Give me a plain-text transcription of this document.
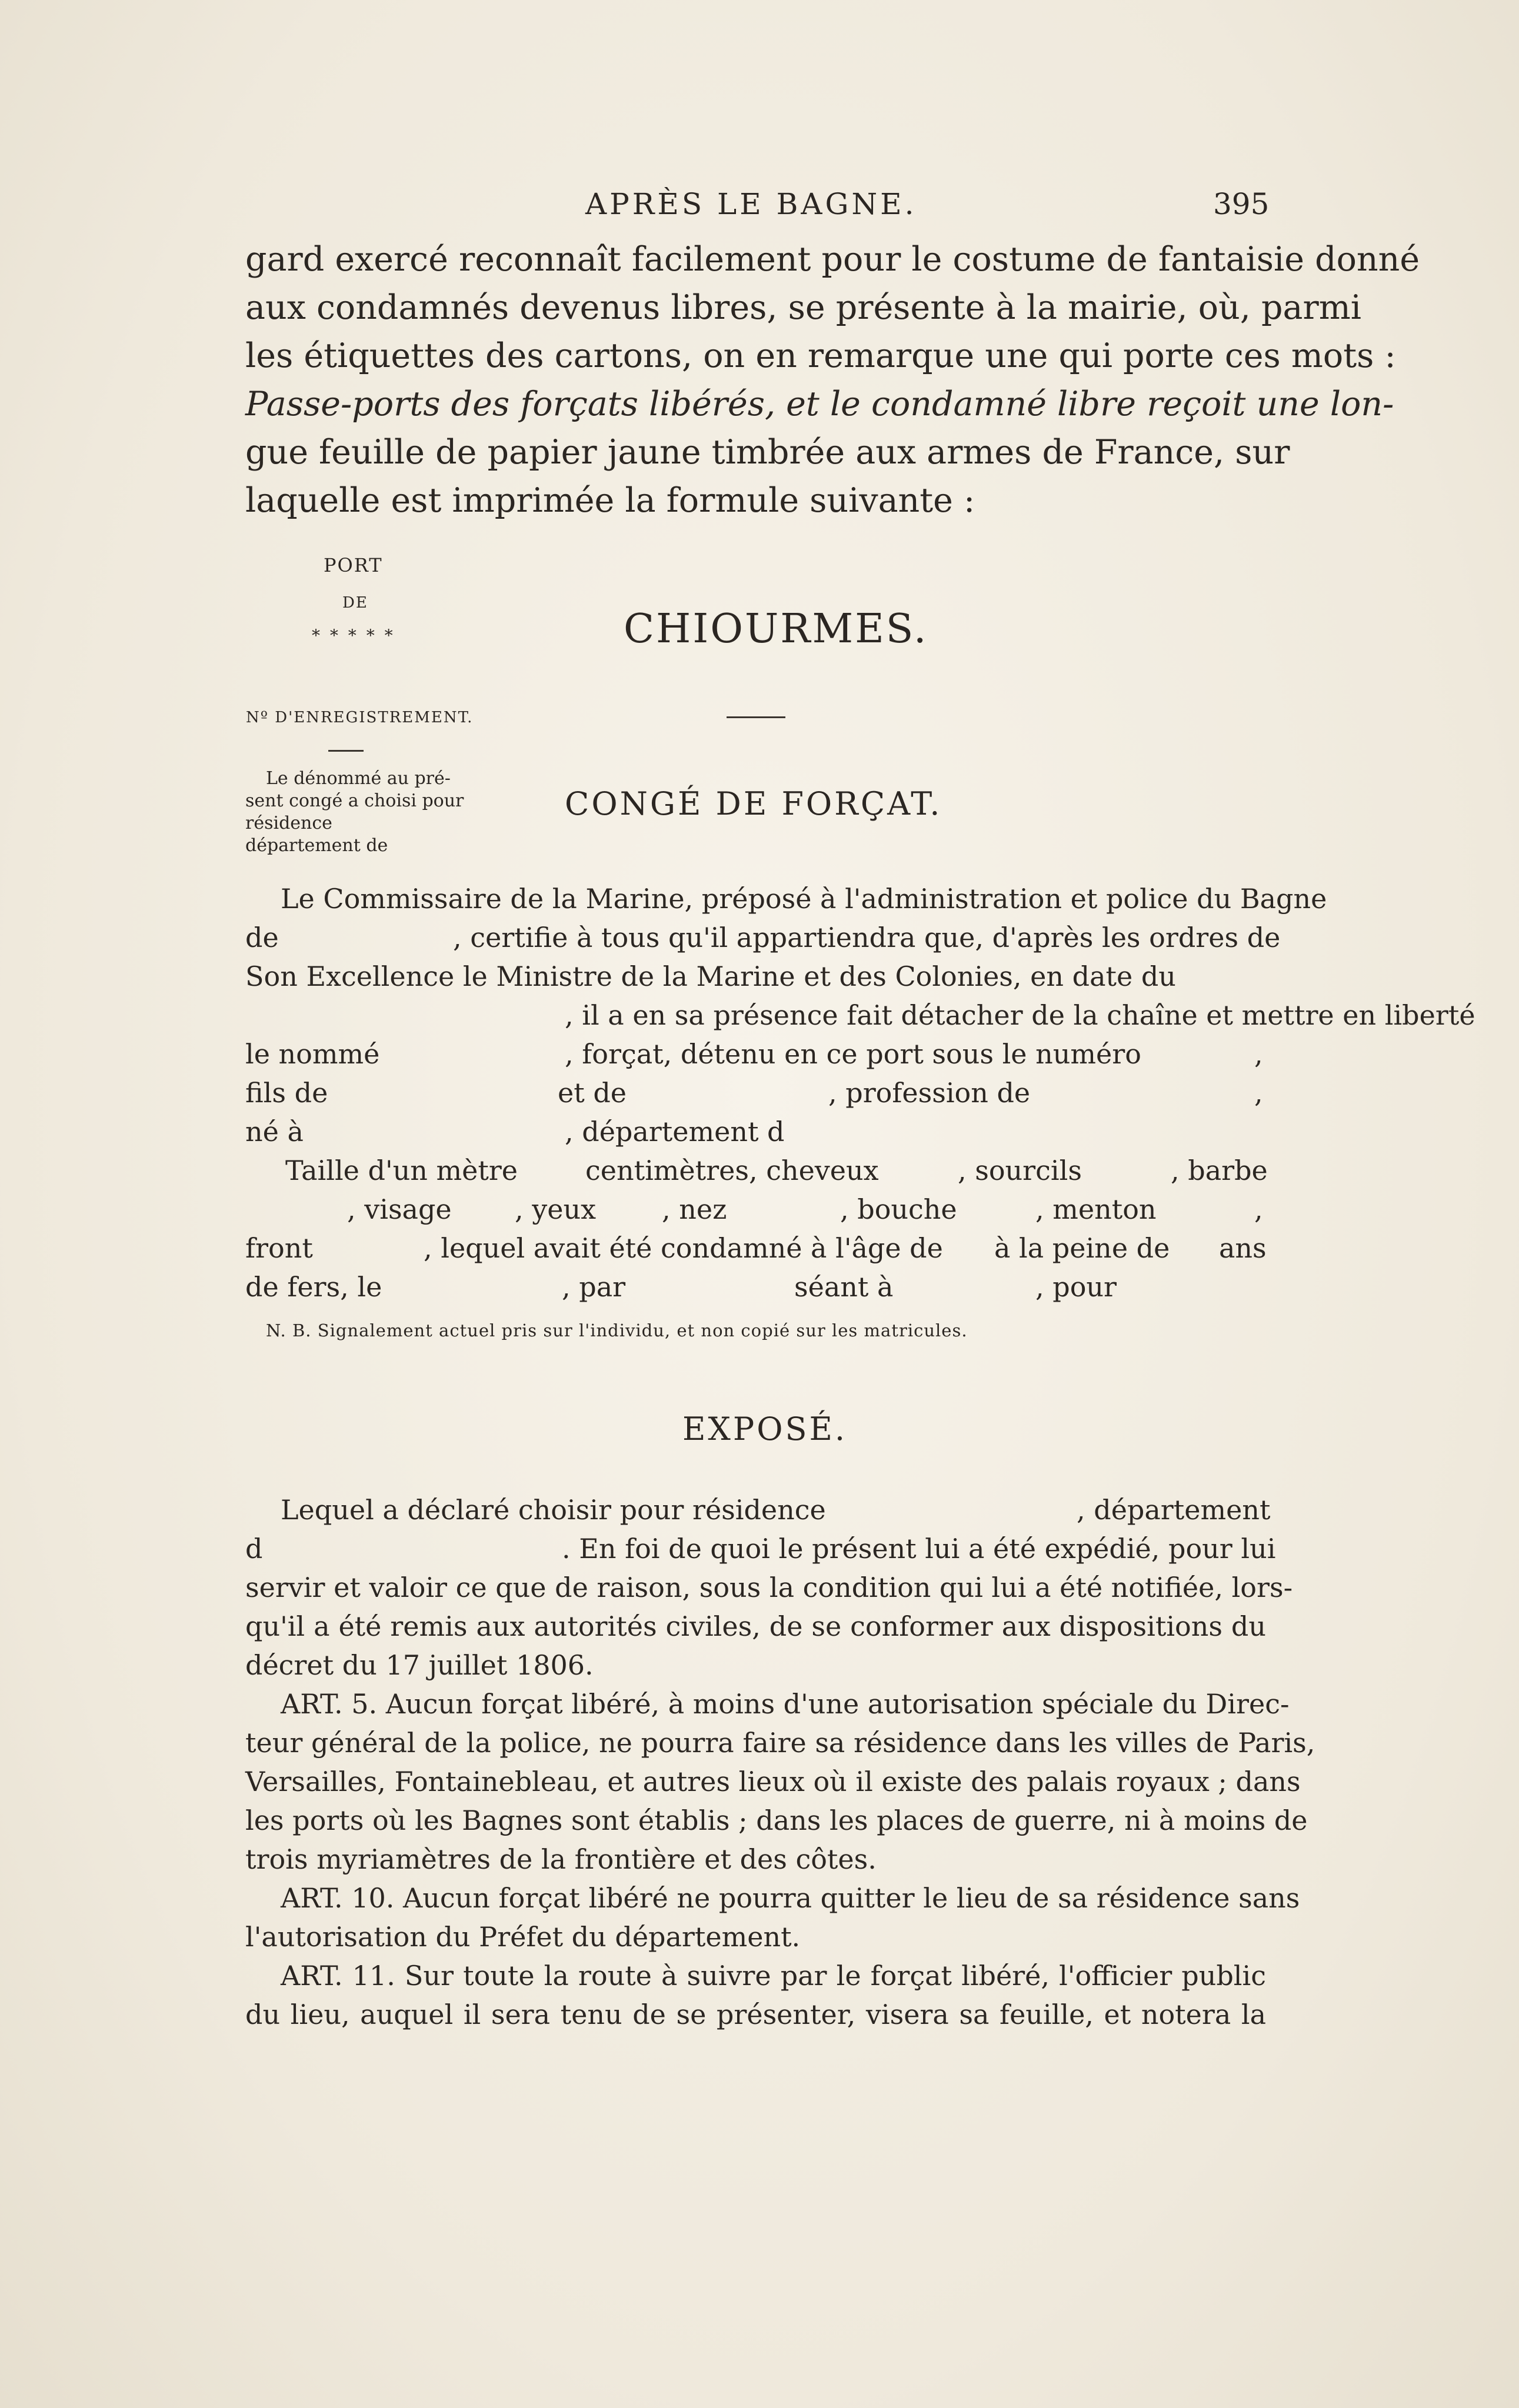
APRÈS LE BAGNE.	395
gard exercé reconnaît facilement pour le costume de fantaisie donné
aux condamnés devenus libres, se présente à la mairie, où, parmi
les étiquettes des cartons, on en remarque une qui porte ces mots :
Passe-ports des forçats libérés, et le condamné libre reçoit une lon-
gue feuille de papier jaune timbrée aux armes de France, sur
laquelle est imprimée la formule suivante :
PORT
DE
* * * * *	CHIOURMES.
Nº D'ENREGISTREMENT.
Le dénommé au pré-
sent congé a choisi pour
résidence
département de
CONGÉ DE FORÇAT.
Le Commissaire de la Marine, préposé à l'administration et police du Bagne
de	, certifie à tous qu'il appartiendra que, d'après les ordres de
Son Excellence le Ministre de la Marine et des Colonies, en date du
, il a en sa présence fait détacher de la chaîne et mettre en liberté
le nommé	, forçat, détenu en ce port sous le numéro	,
fils de	et de	, profession de	,
né à	, département d
Taille d'un mètre centimètres, cheveux	, sourcils	, barbe
, visage , yeux , nez	, bouche	, menton	,
front	, lequel avait été condamné à l'âge de à la peine de ans
de fers, le	, par	séant à	, pour
N. B. Signalement actuel pris sur l'individu, et non copié sur les matricules.
EXPOSÉ.
Lequel a déclaré choisir pour résidence	, département
d	. En foi de quoi le présent lui a été expédié, pour lui
servir et valoir ce que de raison, sous la condition qui lui a été notifiée, lors-
qu'il a été remis aux autorités civiles, de se conformer aux dispositions du
décret du 17 juillet 1806.
ART. 5. Aucun forçat libéré, à moins d'une autorisation spéciale du Direc-
teur général de la police, ne pourra faire sa résidence dans les villes de Paris,
Versailles, Fontainebleau, et autres lieux où il existe des palais royaux ; dans
les ports où les Bagnes sont établis ; dans les places de guerre, ni à moins de
trois myriamètres de la frontière et des côtes.
ART. 10. Aucun forçat libéré ne pourra quitter le lieu de sa résidence sans
l'autorisation du Préfet du département.
ART. 11. Sur toute la route à suivre par le forçat libéré, l'officier public
du lieu, auquel il sera tenu de se présenter, visera sa feuille, et notera la
